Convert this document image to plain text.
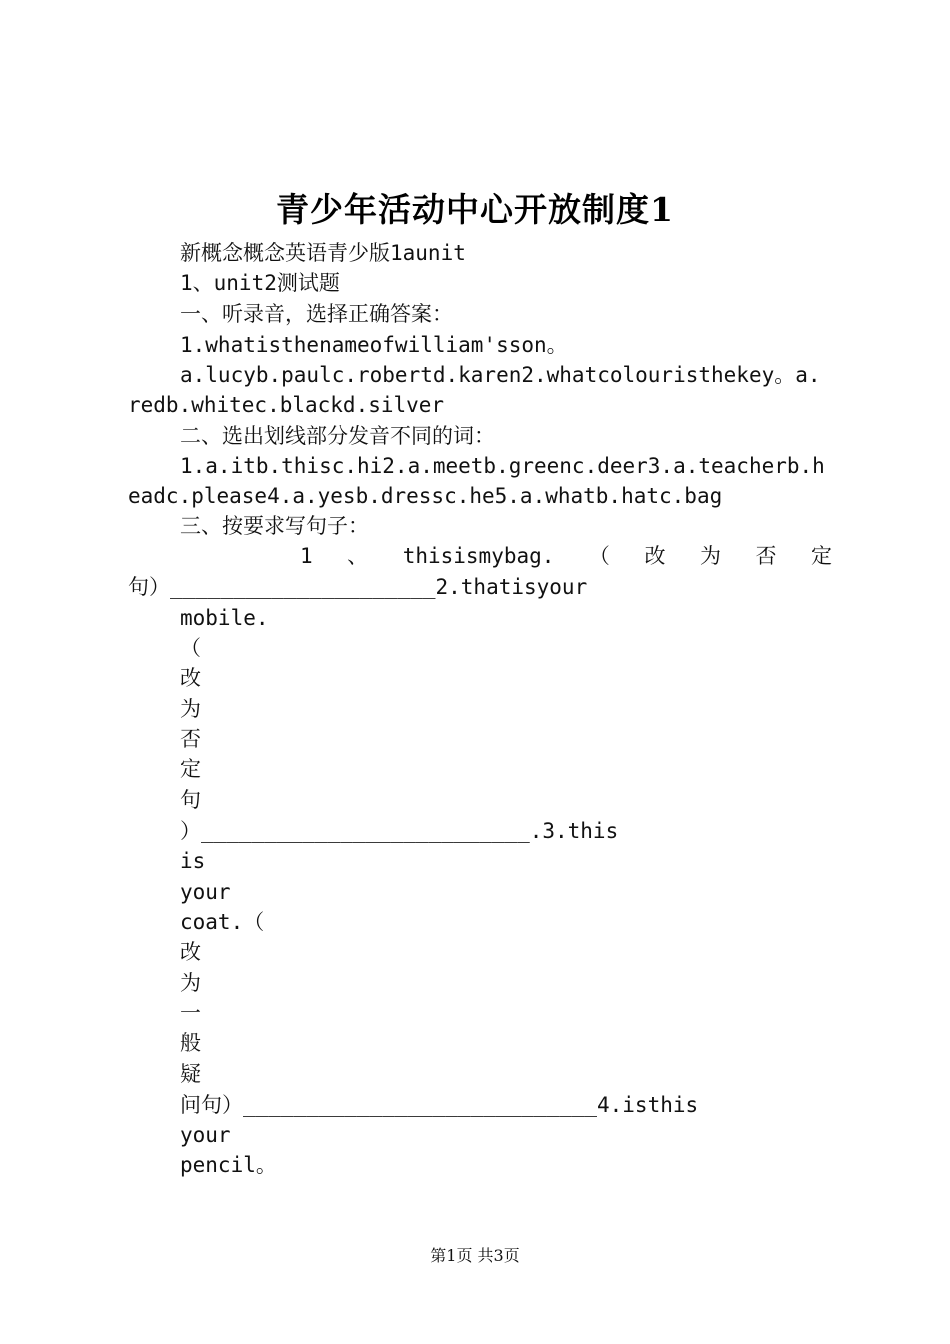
青少年活动中心开放制度1
新概念概念英语青少版1aunit
1、unit2测试题
一、听录音，选择正确答案：
1.whatisthenameofwilliam'sson。
a.lucyb.paulc.robertd.karen2.whatcolouristhekey。a.
redb.whitec.blackd.silver
二、选出划线部分发音不同的词：
1.a.itb.thisc.hi2.a.meetb.greenc.deer3.a.teacherb.h
eadc.please4.a.yesb.dressc.he5.a.whatb.hatc.bag
三、按要求写句子：
1 、 thisismybag. （ 改 为 否 定
句）_____________________2.thatisyour
mobile.
（
改
为
否
定
句
）__________________________.3.this
is
your
coat.（
改
为
一
般
疑
问句）____________________________4.isthis
your
pencil。
第1页 共3页
